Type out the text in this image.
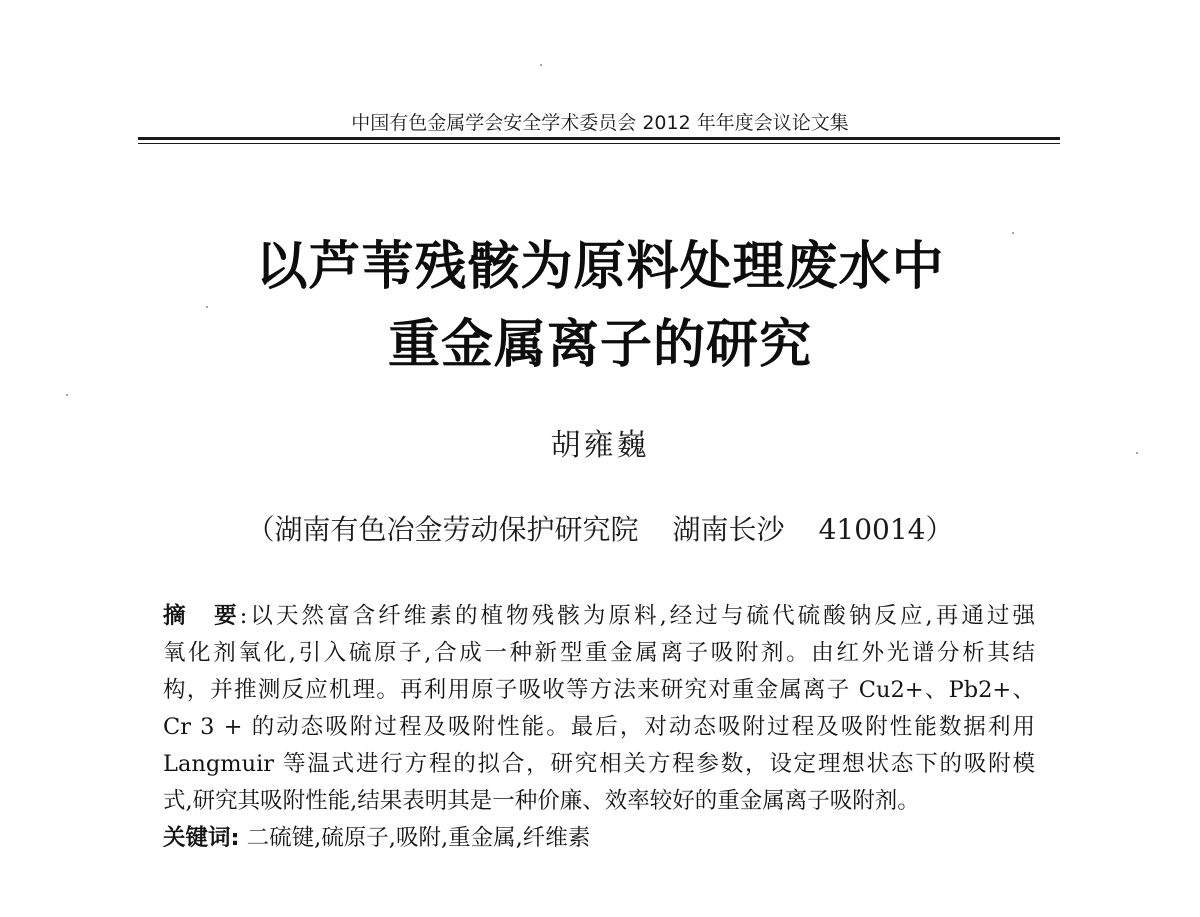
中国有色金属学会安全学术委员会 2012 年年度会议论文集
以芦苇残骸为原料处理废水中
重金属离子的研究
胡雍巍
（湖南有色冶金劳动保护研究院 湖南长沙 410014）
摘　要:以天然富含纤维素的植物残骸为原料,经过与硫代硫酸钠反应,再通过强
氧化剂氧化,引入硫原子,合成一种新型重金属离子吸附剂。由红外光谱分析其结
构，并推测反应机理。再利用原子吸收等方法来研究对重金属离子 Cu2+、Pb2+、
Cr 3 + 的动态吸附过程及吸附性能。最后，对动态吸附过程及吸附性能数据利用
Langmuir 等温式进行方程的拟合，研究相关方程参数，设定理想状态下的吸附模
式,研究其吸附性能,结果表明其是一种价廉、效率较好的重金属离子吸附剂。
关键词: 二硫键,硫原子,吸附,重金属,纤维素
